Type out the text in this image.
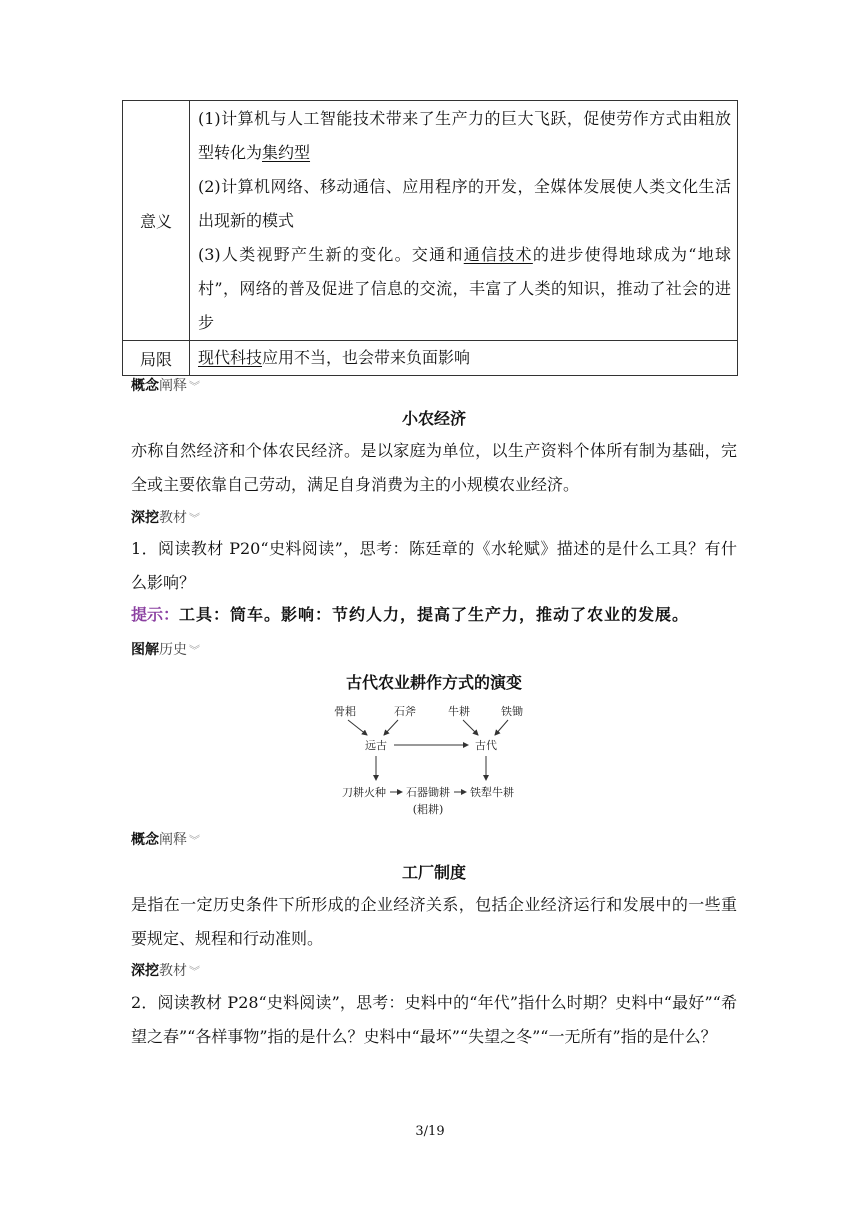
意义	(1)计算机与人工智能技术带来了生产力的巨大飞跃，促使劳作方式由粗放型转化为集约型

(2)计算机网络、移动通信、应用程序的开发，全媒体发展使人类文化生活出现新的模式

(3)人类视野产生新的变化。交通和通信技术的进步使得地球成为“地球村”，网络的普及促进了信息的交流，丰富了人类的知识，推动了社会的进步

局限	现代科技应用不当，也会带来负面影响

概念阐释 ︾
小农经济

亦称自然经济和个体农民经济。是以家庭为单位，以生产资料个体所有制为基础，完全或主要依靠自己劳动，满足自身消费为主的小规模农业经济。

深挖教材 ︾

1．阅读教材 P20“史料阅读”，思考：陈廷章的《水轮赋》描述的是什么工具？有什么影响？

提示：工具：筒车。影响：节约人力，提高了生产力，推动了农业的发展。

图解历史 ︾
古代农业耕作方式的演变
骨耜	石斧	牛耕	铁锄
远古	古代
刀耕火种 石器锄耕 铁犁牛耕
(耜耕)
概念阐释 ︾
工厂制度

是指在一定历史条件下所形成的企业经济关系，包括企业经济运行和发展中的一些重要规定、规程和行动准则。

深挖教材 ︾

2．阅读教材 P28“史料阅读”，思考：史料中的“年代”指什么时期？史料中“最好”“希望之春”“各样事物”指的是什么？史料中“最坏”“失望之冬”“一无所有”指的是什么？

3/19
